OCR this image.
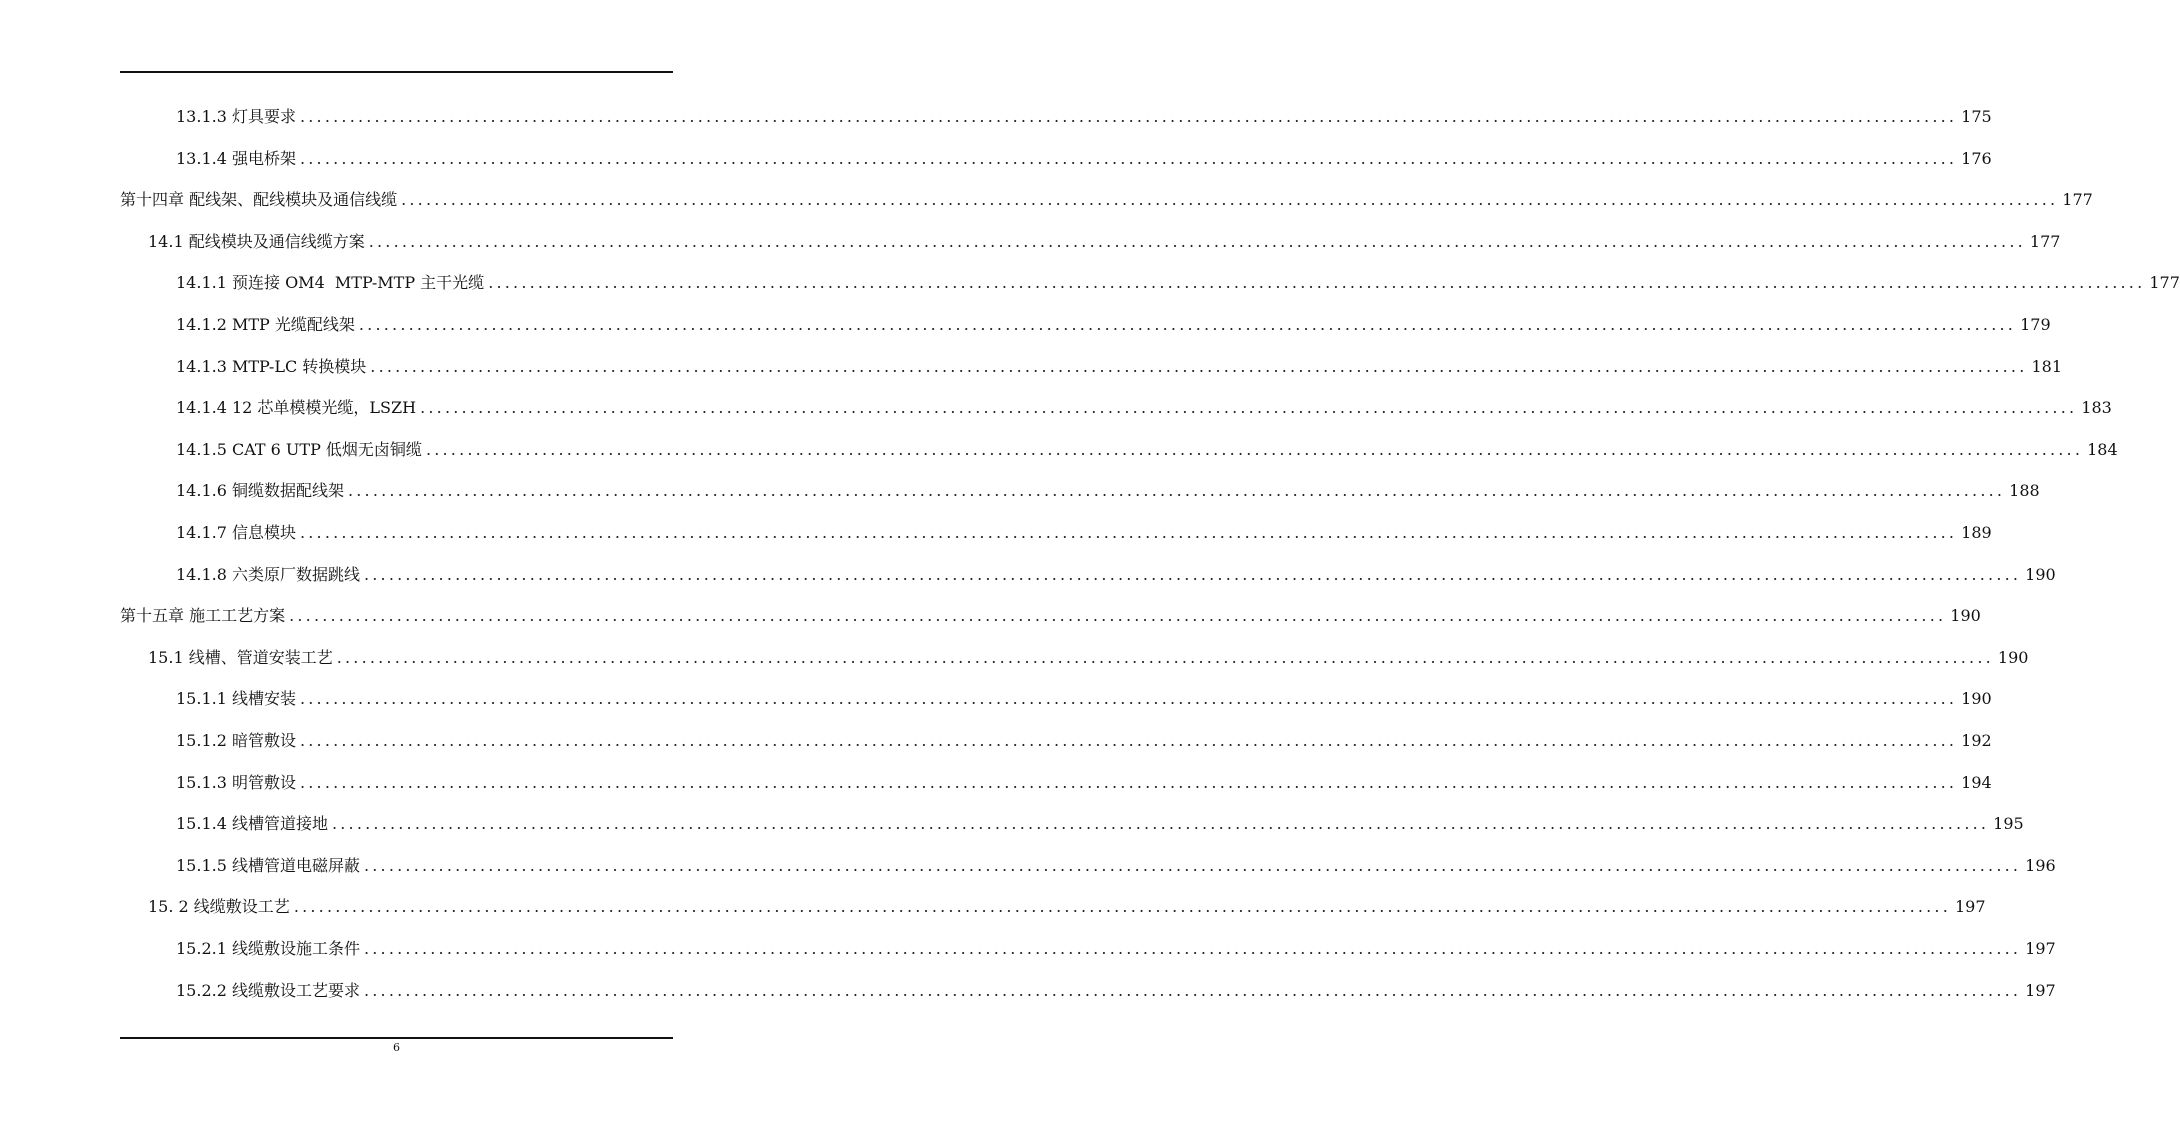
13.1.3 灯具要求 ........................................................................................................................................................................................................ 175
13.1.4 强电桥架 ........................................................................................................................................................................................................ 176
第十四章 配线架、配线模块及通信线缆 ........................................................................................................................................................................................................ 177
14.1 配线模块及通信线缆方案 ........................................................................................................................................................................................................ 177
14.1.1 预连接 OM4  MTP-MTP 主干光缆 ........................................................................................................................................................................................................ 177
14.1.2 MTP 光缆配线架 ........................................................................................................................................................................................................ 179
14.1.3 MTP-LC 转换模块 ........................................................................................................................................................................................................ 181
14.1.4 12 芯单模模光缆，LSZH ........................................................................................................................................................................................................ 183
14.1.5 CAT 6 UTP 低烟无卤铜缆 ........................................................................................................................................................................................................ 184
14.1.6 铜缆数据配线架 ........................................................................................................................................................................................................ 188
14.1.7 信息模块 ........................................................................................................................................................................................................ 189
14.1.8 六类原厂数据跳线 ........................................................................................................................................................................................................ 190
第十五章 施工工艺方案 ........................................................................................................................................................................................................ 190
15.1 线槽、管道安装工艺 ........................................................................................................................................................................................................ 190
15.1.1 线槽安装 ........................................................................................................................................................................................................ 190
15.1.2 暗管敷设 ........................................................................................................................................................................................................ 192
15.1.3 明管敷设 ........................................................................................................................................................................................................ 194
15.1.4 线槽管道接地 ........................................................................................................................................................................................................ 195
15.1.5 线槽管道电磁屏蔽 ........................................................................................................................................................................................................ 196
15. 2 线缆敷设工艺 ........................................................................................................................................................................................................ 197
15.2.1 线缆敷设施工条件 ........................................................................................................................................................................................................ 197
15.2.2 线缆敷设工艺要求 ........................................................................................................................................................................................................ 197
6
